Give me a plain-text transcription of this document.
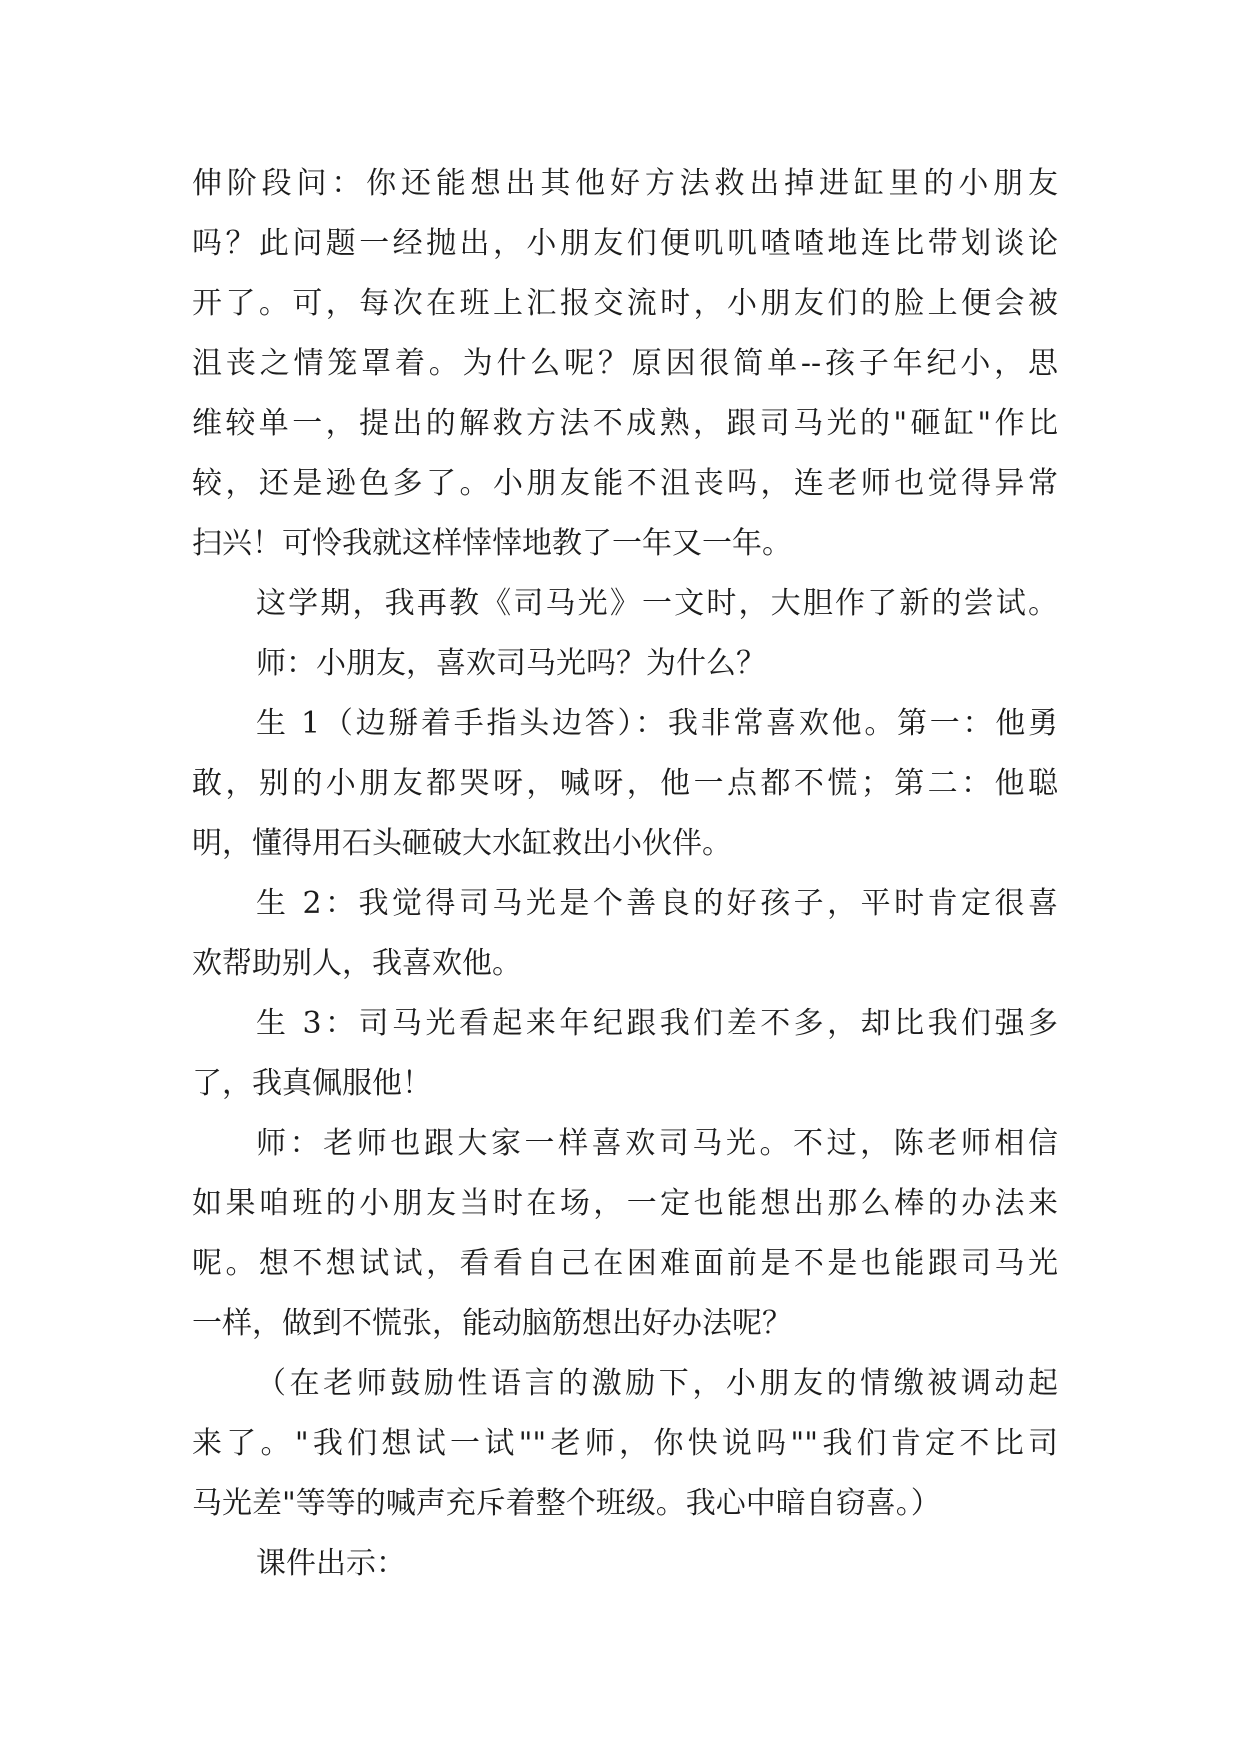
伸阶段问：你还能想出其他好方法救出掉进缸里的小朋友
吗？此问题一经抛出，小朋友们便叽叽喳喳地连比带划谈论
开了。可，每次在班上汇报交流时，小朋友们的脸上便会被
沮丧之情笼罩着。为什么呢？原因很简单--孩子年纪小，思
维较单一，提出的解救方法不成熟，跟司马光的"砸缸"作比
较，还是逊色多了。小朋友能不沮丧吗，连老师也觉得异常
扫兴！可怜我就这样悻悻地教了一年又一年。

这学期，我再教《司马光》一文时，大胆作了新的尝试。

师：小朋友，喜欢司马光吗？为什么？

生 1（边掰着手指头边答）：我非常喜欢他。第一：他勇
敢，别的小朋友都哭呀，喊呀，他一点都不慌；第二：他聪
明，懂得用石头砸破大水缸救出小伙伴。

生 2：我觉得司马光是个善良的好孩子，平时肯定很喜
欢帮助别人，我喜欢他。

生 3：司马光看起来年纪跟我们差不多，却比我们强多
了，我真佩服他！

师：老师也跟大家一样喜欢司马光。不过，陈老师相信
如果咱班的小朋友当时在场，一定也能想出那么棒的办法来
呢。想不想试试，看看自己在困难面前是不是也能跟司马光
一样，做到不慌张，能动脑筋想出好办法呢？

（在老师鼓励性语言的激励下，小朋友的情缴被调动起
来了。"我们想试一试""老师，你快说吗""我们肯定不比司
马光差"等等的喊声充斥着整个班级。我心中暗自窃喜。）

课件出示：
